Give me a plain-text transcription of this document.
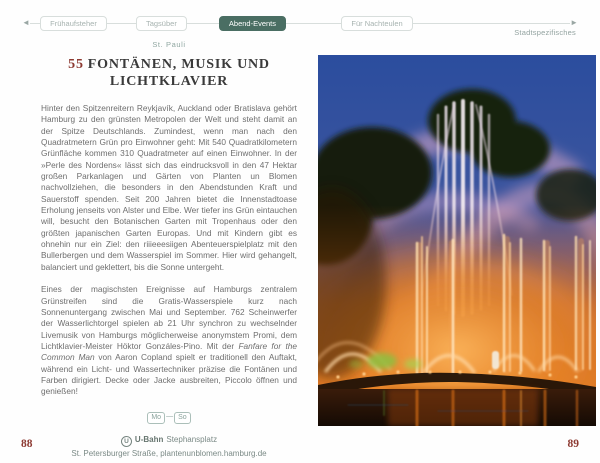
◄	Frühaufsteher	Tagsüber	Abend-Events	Für Nachteulen	►
Stadtspezifisches
St. Pauli
55 FONTÄNEN, MUSIK UND LICHTKLAVIER

Hinter den Spitzenreitern Reykjavík, Auckland oder Bratislava gehört Hamburg zu den grünsten Metropolen der Welt und steht damit an der Spitze Deutschlands. Zumindest, wenn man nach den Quadratmetern Grün pro Einwohner geht: Mit 540 Quadratkilometern Grünfläche kommen 310 Quadratmeter auf einen Einwohner. In der »Perle des Nordens« lässt sich das eindrucksvoll in den 47 Hektar großen Parkanlagen und Gärten von Planten un Blomen nachvollziehen, die besonders in den Abendstunden Kraft und Sauerstoff spenden. Seit 200 Jahren bietet die Innenstadtoase Erholung jenseits von Alster und Elbe. Wer tiefer ins Grün eintauchen will, besucht den Botanischen Garten mit Tropenhaus oder den größten japanischen Garten Europas. Und mit Kindern gibt es ohnehin nur ein Ziel: den riiieeesiigen Abenteuerspielplatz mit den Bullerbergen und dem Wasserspiel im Sommer. Hier wird gehangelt, balanciert und geklettert, bis die Sonne untergeht.

Eines der magischsten Ereignisse auf Hamburgs zentralem Grünstreifen sind die Gratis-Wasserspiele kurz nach Sonnenuntergang zwischen Mai und September. 762 Scheinwerfer der Wasserlichtorgel spielen ab 21 Uhr synchron zu wechselnder Livemusik von Hamburgs möglicherweise anonymstem Promi, dem Lichtklavier-Meister Höktor Gonzáles-Pino. Mit der Fanfare for the Common Man von Aaron Copland spielt er traditionell den Auftakt, während ein Licht- und Wassertechniker präzise die Fontänen und Farben dirigiert. Decke oder Jacke ausbreiten, Piccolo öffnen und genießen!

Mo — So
U U-Bahn Stephansplatz
St. Petersburger Straße, plantenunblomen.hamburg.de
88	89
